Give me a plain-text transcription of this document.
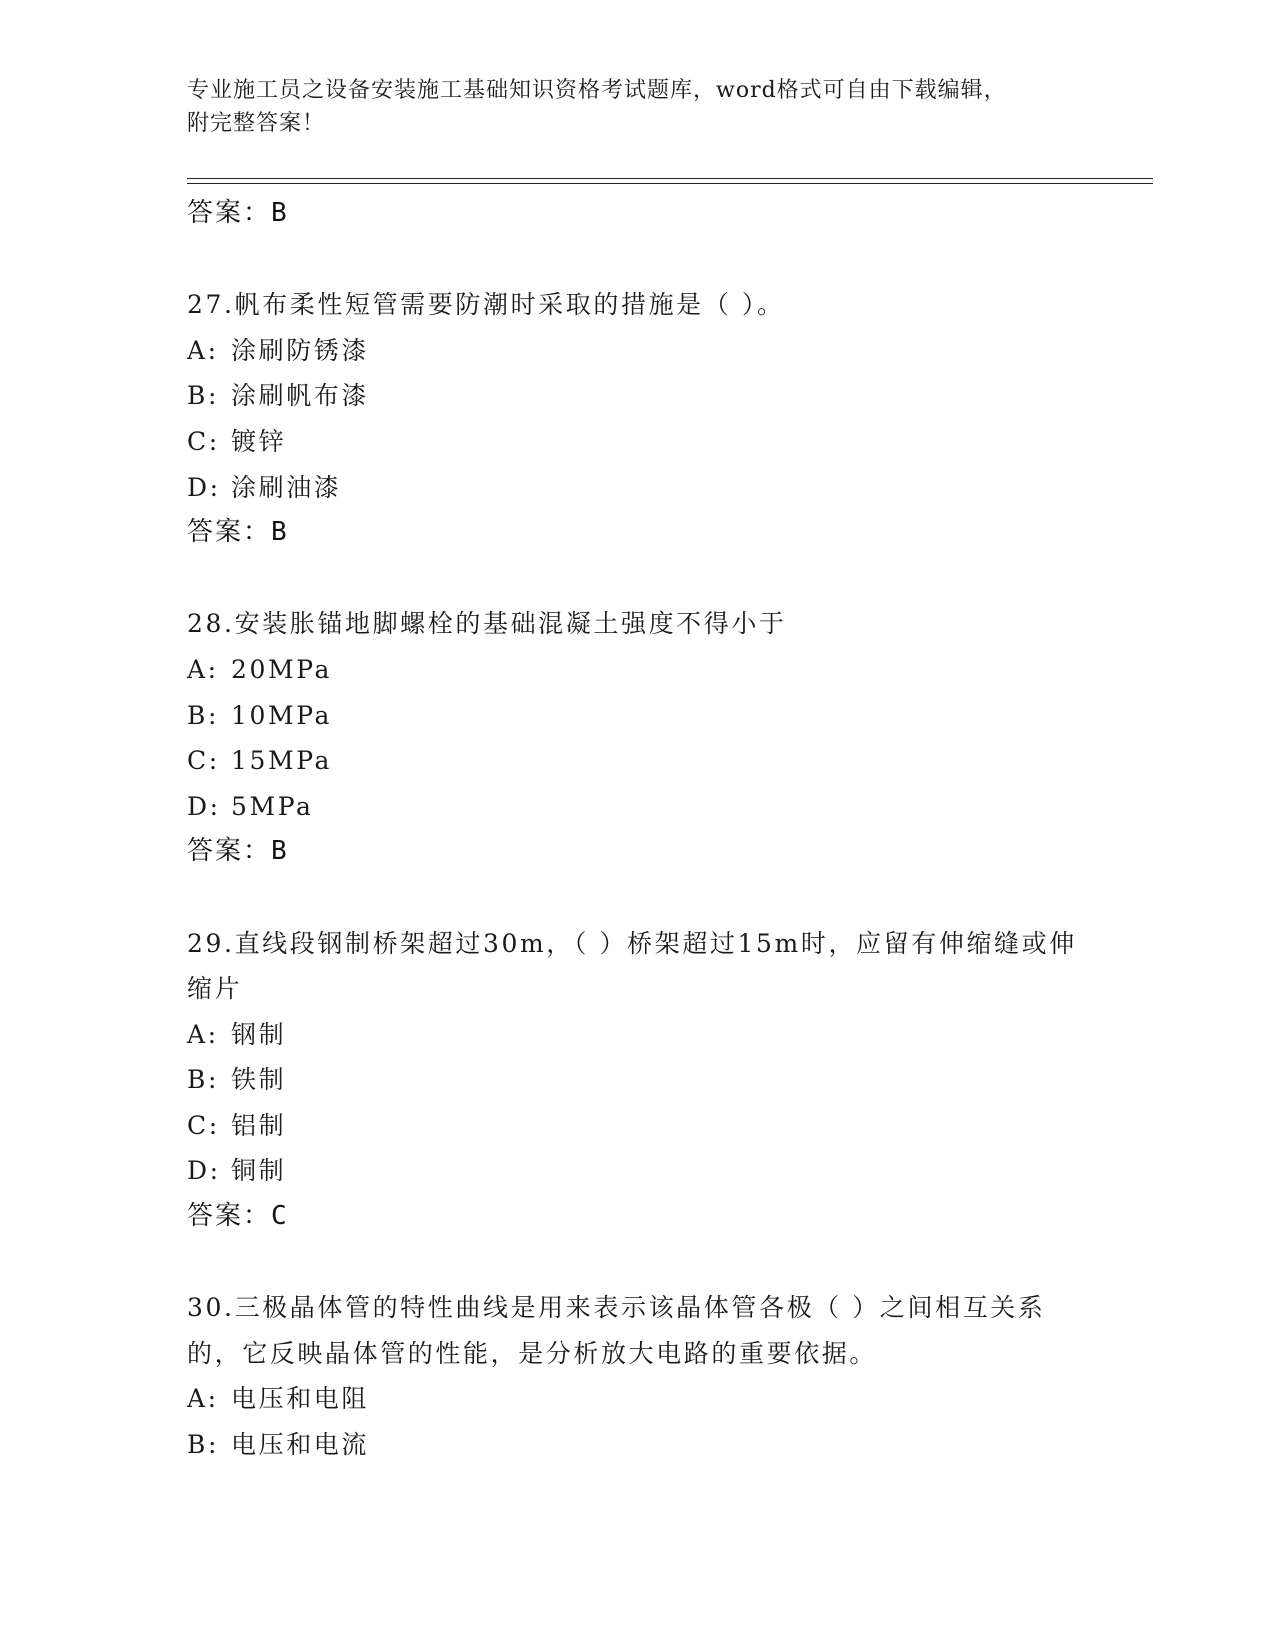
专业施工员之设备安装施工基础知识资格考试题库，word格式可自由下载编辑，
附完整答案！
答案：B
27.帆布柔性短管需要防潮时采取的措施是（ ）。
A: 涂刷防锈漆
B: 涂刷帆布漆
C: 镀锌
D: 涂刷油漆
答案：B
28.安装胀锚地脚螺栓的基础混凝土强度不得小于
A: 20MPa
B: 10MPa
C: 15MPa
D: 5MPa
答案：B
29.直线段钢制桥架超过30m，（ ）桥架超过15m时，应留有伸缩缝或伸缩片
A: 钢制
B: 铁制
C: 铝制
D: 铜制
答案：C
30.三极晶体管的特性曲线是用来表示该晶体管各极（ ）之间相互关系的，它反映晶体管的性能，是分析放大电路的重要依据。
A: 电压和电阻
B: 电压和电流
